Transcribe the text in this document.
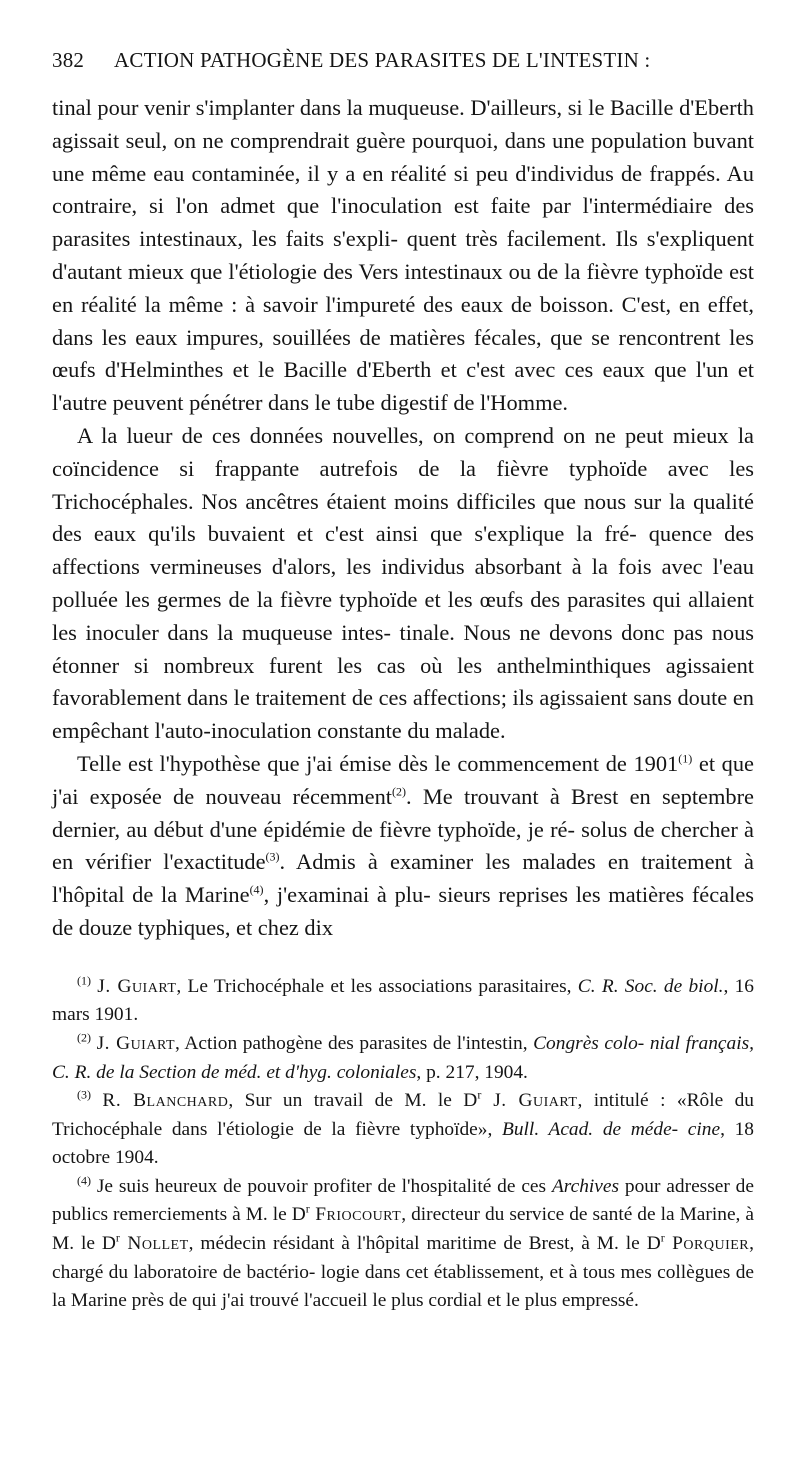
382 ACTION PATHOGÈNE DES PARASITES DE L'INTESTIN :

tinal pour venir s'implanter dans la muqueuse. D'ailleurs, si le Bacille d'Eberth agissait seul, on ne comprendrait guère pourquoi, dans une population buvant une même eau contaminée, il y a en réalité si peu d'individus de frappés. Au contraire, si l'on admet que l'inoculation est faite par l'intermédiaire des parasites intestinaux, les faits s'expli- quent très facilement. Ils s'expliquent d'autant mieux que l'étiologie des Vers intestinaux ou de la fièvre typhoïde est en réalité la même : à savoir l'impureté des eaux de boisson. C'est, en effet, dans les eaux impures, souillées de matières fécales, que se rencontrent les œufs d'Helminthes et le Bacille d'Eberth et c'est avec ces eaux que l'un et l'autre peuvent pénétrer dans le tube digestif de l'Homme.

A la lueur de ces données nouvelles, on comprend on ne peut mieux la coïncidence si frappante autrefois de la fièvre typhoïde avec les Trichocéphales. Nos ancêtres étaient moins difficiles que nous sur la qualité des eaux qu'ils buvaient et c'est ainsi que s'explique la fré- quence des affections vermineuses d'alors, les individus absorbant à la fois avec l'eau polluée les germes de la fièvre typhoïde et les œufs des parasites qui allaient les inoculer dans la muqueuse intes- tinale. Nous ne devons donc pas nous étonner si nombreux furent les cas où les anthelminthiques agissaient favorablement dans le traitement de ces affections; ils agissaient sans doute en empêchant l'auto-inoculation constante du malade.

Telle est l'hypothèse que j'ai émise dès le commencement de 1901$^{(1)}$ et que j'ai exposée de nouveau récemment$^{(2)}$. Me trouvant à Brest en septembre dernier, au début d'une épidémie de fièvre typhoïde, je ré- solus de chercher à en vérifier l'exactitude$^{(3)}$. Admis à examiner les malades en traitement à l'hôpital de la Marine$^{(4)}$, j'examinai à plu- sieurs reprises les matières fécales de douze typhiques, et chez dix

$^{(1)}$ J. Guiart, Le Trichocéphale et les associations parasitaires, C. R. Soc. de biol., 16 mars 1901.

$^{(2)}$ J. Guiart, Action pathogène des parasites de l'intestin, Congrès colo- nial français, C. R. de la Section de méd. et d'hyg. coloniales, p. 217, 1904.

$^{(3)}$ R. Blanchard, Sur un travail de M. le $D^r$ J. Guiart, intitulé : «Rôle du Trichocéphale dans l'étiologie de la fièvre typhoïde», Bull. Acad. de méde- cine, 18 octobre 1904.

$^{(4)}$ Je suis heureux de pouvoir profiter de l'hospitalité de ces Archives pour adresser de publics remerciements à M. le $D^r$ Friocourt, directeur du service de santé de la Marine, à M. le $D^r$ Nollet, médecin résidant à l'hôpital maritime de Brest, à M. le $D^r$ Porquier, chargé du laboratoire de bactério- logie dans cet établissement, et à tous mes collègues de la Marine près de qui j'ai trouvé l'accueil le plus cordial et le plus empressé.
